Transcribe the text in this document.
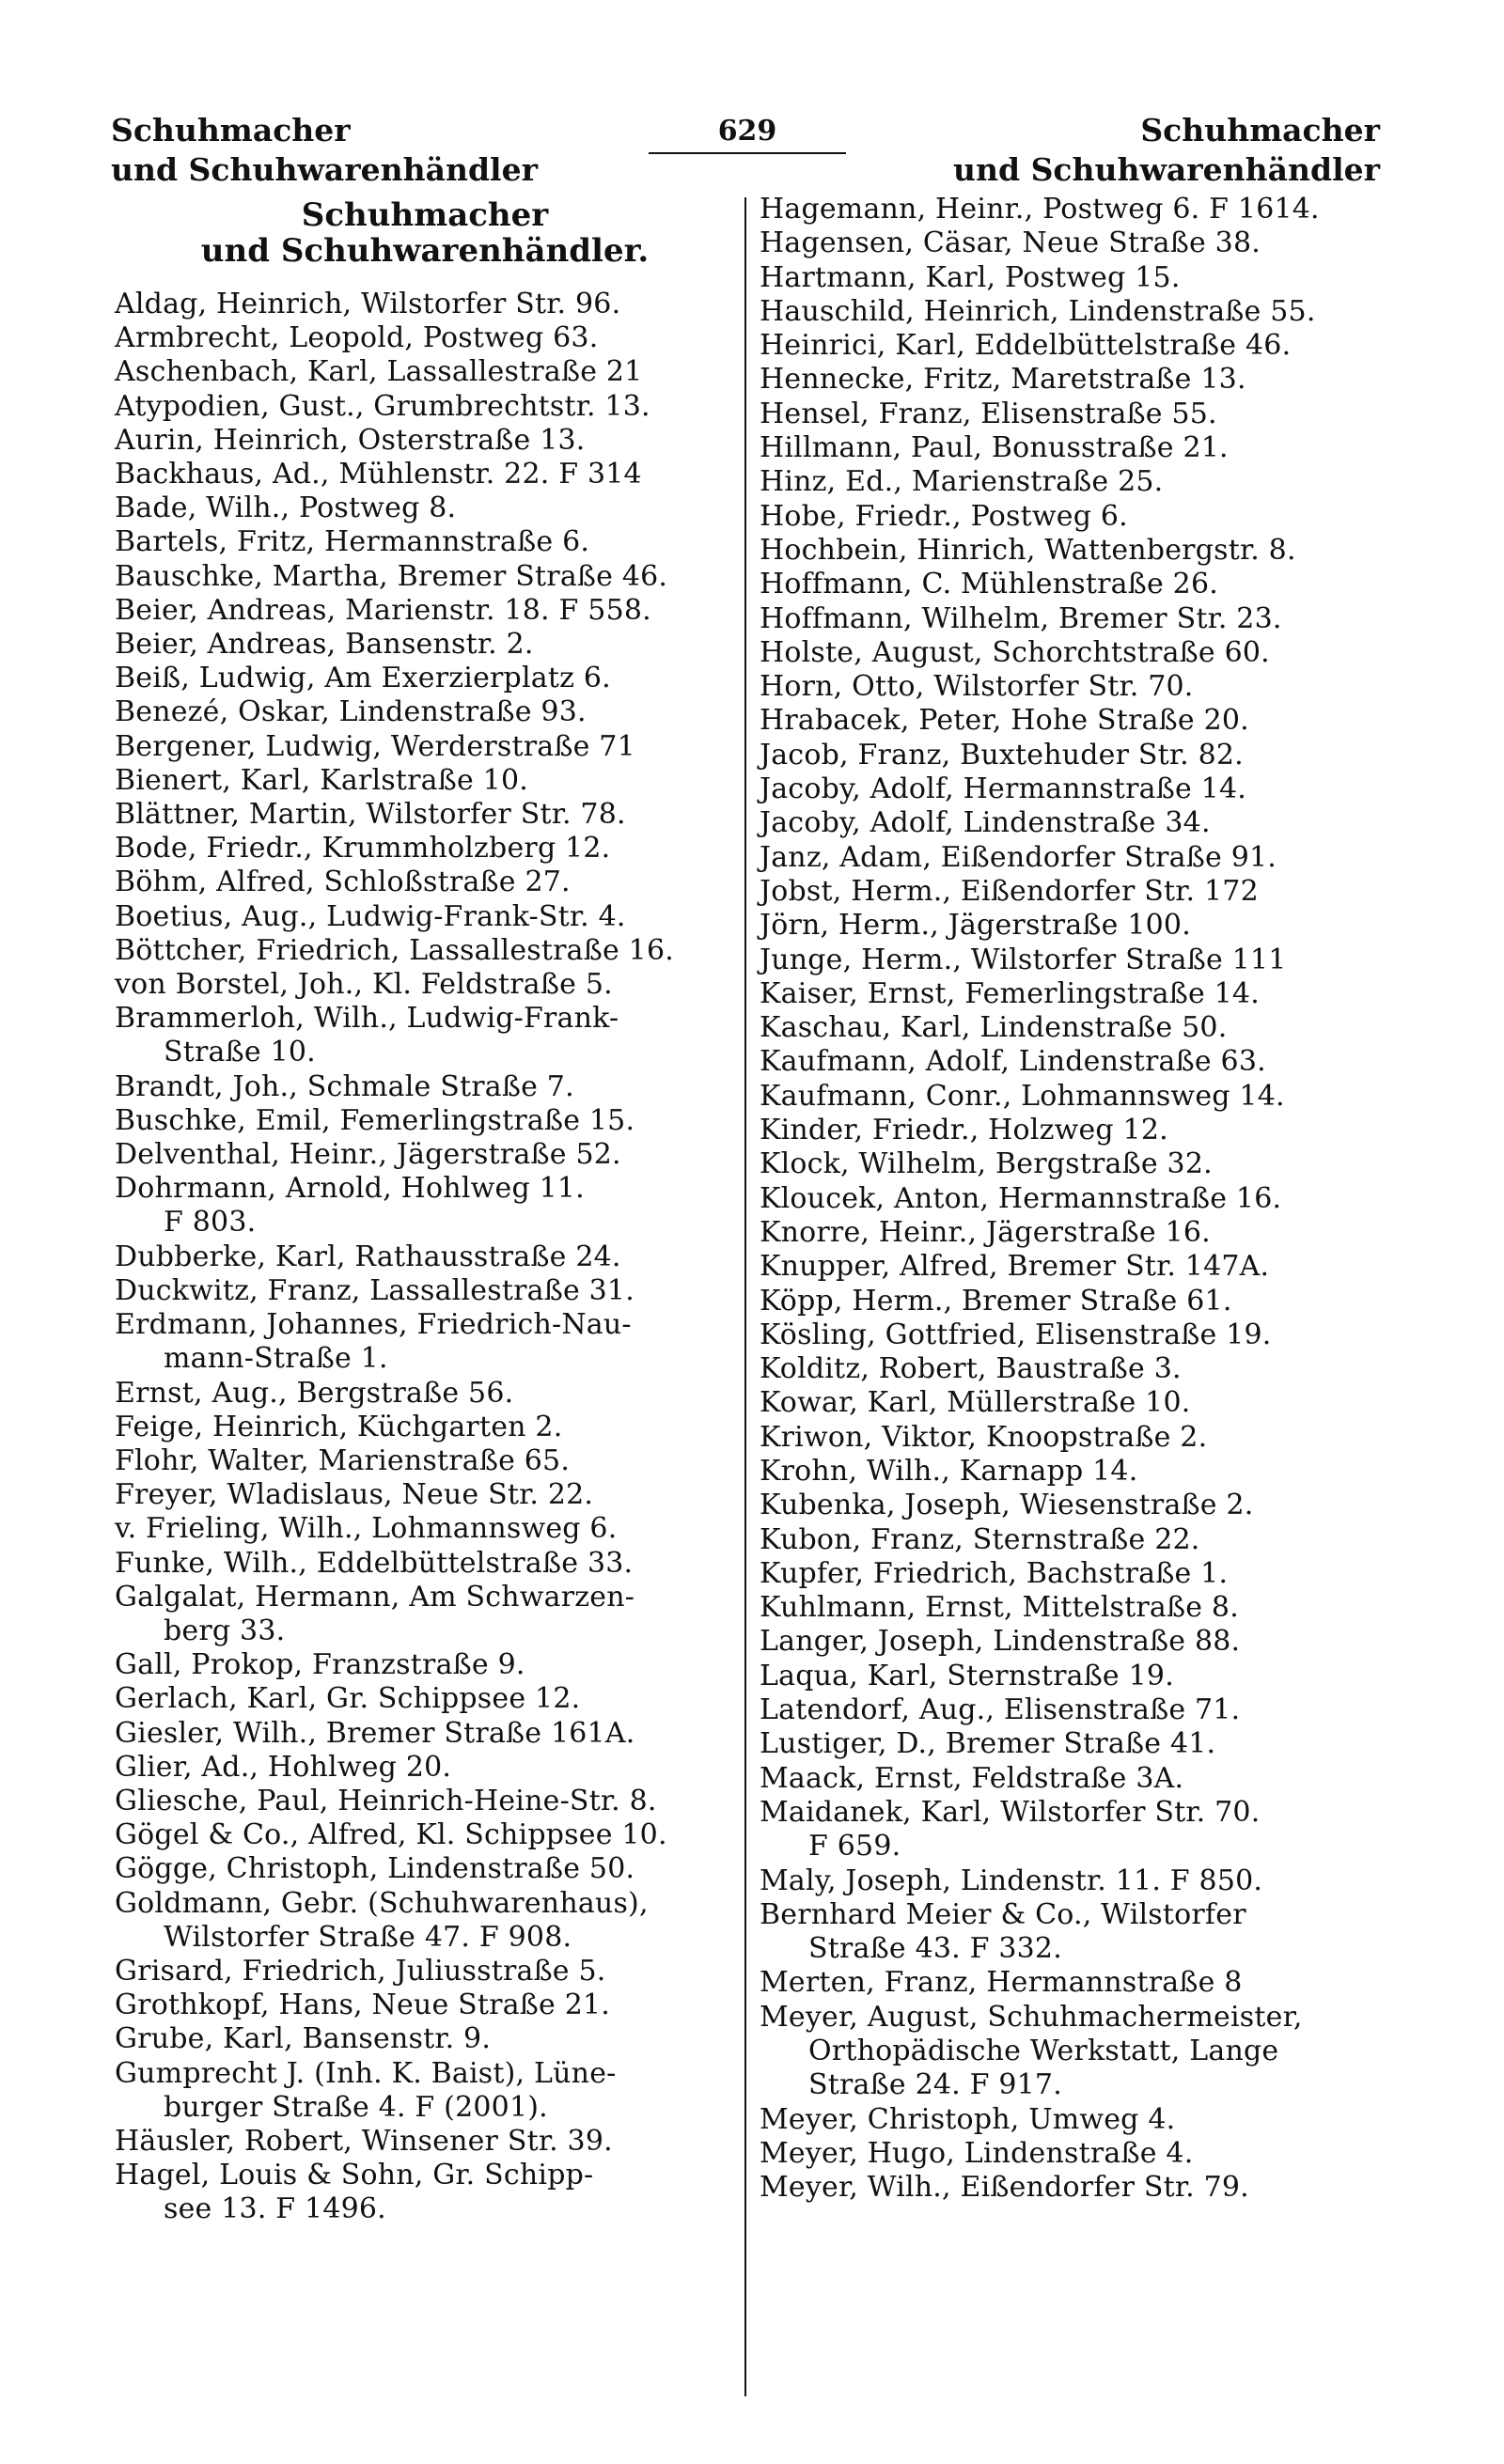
Schuhmacher
und Schuhwarenhändler
629	Schuhmacher
und Schuhwarenhändler
Schuhmacher
und Schuhwarenhändler.
Aldag, Heinrich, Wilstorfer Str. 96.
Armbrecht, Leopold, Postweg 63.
Aschenbach, Karl, Lassallestraße 21
Atypodien, Gust., Grumbrechtstr. 13.
Aurin, Heinrich, Osterstraße 13.
Backhaus, Ad., Mühlenstr. 22. F 314
Bade, Wilh., Postweg 8.
Bartels, Fritz, Hermannstraße 6.
Bauschke, Martha, Bremer Straße 46.
Beier, Andreas, Marienstr. 18. F 558.
Beier, Andreas, Bansenstr. 2.
Beiß, Ludwig, Am Exerzierplatz 6.
Benezé, Oskar, Lindenstraße 93.
Bergener, Ludwig, Werderstraße 71
Bienert, Karl, Karlstraße 10.
Blättner, Martin, Wilstorfer Str. 78.
Bode, Friedr., Krummholzberg 12.
Böhm, Alfred, Schloßstraße 27.
Boetius, Aug., Ludwig-Frank-Str. 4.
Böttcher, Friedrich, Lassallestraße 16.
von Borstel, Joh., Kl. Feldstraße 5.
Brammerloh, Wilh., Ludwig-Frank-
Straße 10.
Brandt, Joh., Schmale Straße 7.
Buschke, Emil, Femerlingstraße 15.
Delventhal, Heinr., Jägerstraße 52.
Dohrmann, Arnold, Hohlweg 11.
F 803.
Dubberke, Karl, Rathausstraße 24.
Duckwitz, Franz, Lassallestraße 31.
Erdmann, Johannes, Friedrich-Nau-
mann-Straße 1.
Ernst, Aug., Bergstraße 56.
Feige, Heinrich, Küchgarten 2.
Flohr, Walter, Marienstraße 65.
Freyer, Wladislaus, Neue Str. 22.
v. Frieling, Wilh., Lohmannsweg 6.
Funke, Wilh., Eddelbüttelstraße 33.
Galgalat, Hermann, Am Schwarzen-
berg 33.
Gall, Prokop, Franzstraße 9.
Gerlach, Karl, Gr. Schippsee 12.
Giesler, Wilh., Bremer Straße 161A.
Glier, Ad., Hohlweg 20.
Gliesche, Paul, Heinrich-Heine-Str. 8.
Gögel & Co., Alfred, Kl. Schippsee 10.
Gögge, Christoph, Lindenstraße 50.
Goldmann, Gebr. (Schuhwarenhaus),
Wilstorfer Straße 47. F 908.
Grisard, Friedrich, Juliusstraße 5.
Grothkopf, Hans, Neue Straße 21.
Grube, Karl, Bansenstr. 9.
Gumprecht J. (Inh. K. Baist), Lüne-
burger Straße 4. F (2001).
Häusler, Robert, Winsener Str. 39.
Hagel, Louis & Sohn, Gr. Schipp-
see 13. F 1496.
Hagemann, Heinr., Postweg 6. F 1614.
Hagensen, Cäsar, Neue Straße 38.
Hartmann, Karl, Postweg 15.
Hauschild, Heinrich, Lindenstraße 55.
Heinrici, Karl, Eddelbüttelstraße 46.
Hennecke, Fritz, Maretstraße 13.
Hensel, Franz, Elisenstraße 55.
Hillmann, Paul, Bonusstraße 21.
Hinz, Ed., Marienstraße 25.
Hobe, Friedr., Postweg 6.
Hochbein, Hinrich, Wattenbergstr. 8.
Hoffmann, C. Mühlenstraße 26.
Hoffmann, Wilhelm, Bremer Str. 23.
Holste, August, Schorchtstraße 60.
Horn, Otto, Wilstorfer Str. 70.
Hrabacek, Peter, Hohe Straße 20.
Jacob, Franz, Buxtehuder Str. 82.
Jacoby, Adolf, Hermannstraße 14.
Jacoby, Adolf, Lindenstraße 34.
Janz, Adam, Eißendorfer Straße 91.
Jobst, Herm., Eißendorfer Str. 172
Jörn, Herm., Jägerstraße 100.
Junge, Herm., Wilstorfer Straße 111
Kaiser, Ernst, Femerlingstraße 14.
Kaschau, Karl, Lindenstraße 50.
Kaufmann, Adolf, Lindenstraße 63.
Kaufmann, Conr., Lohmannsweg 14.
Kinder, Friedr., Holzweg 12.
Klock, Wilhelm, Bergstraße 32.
Kloucek, Anton, Hermannstraße 16.
Knorre, Heinr., Jägerstraße 16.
Knupper, Alfred, Bremer Str. 147A.
Köpp, Herm., Bremer Straße 61.
Kösling, Gottfried, Elisenstraße 19.
Kolditz, Robert, Baustraße 3.
Kowar, Karl, Müllerstraße 10.
Kriwon, Viktor, Knoopstraße 2.
Krohn, Wilh., Karnapp 14.
Kubenka, Joseph, Wiesenstraße 2.
Kubon, Franz, Sternstraße 22.
Kupfer, Friedrich, Bachstraße 1.
Kuhlmann, Ernst, Mittelstraße 8.
Langer, Joseph, Lindenstraße 88.
Laqua, Karl, Sternstraße 19.
Latendorf, Aug., Elisenstraße 71.
Lustiger, D., Bremer Straße 41.
Maack, Ernst, Feldstraße 3A.
Maidanek, Karl, Wilstorfer Str. 70.
F 659.
Maly, Joseph, Lindenstr. 11. F 850.
Bernhard Meier & Co., Wilstorfer
Straße 43. F 332.
Merten, Franz, Hermannstraße 8
Meyer, August, Schuhmachermeister,
Orthopädische Werkstatt, Lange
Straße 24. F 917.
Meyer, Christoph, Umweg 4.
Meyer, Hugo, Lindenstraße 4.
Meyer, Wilh., Eißendorfer Str. 79.
